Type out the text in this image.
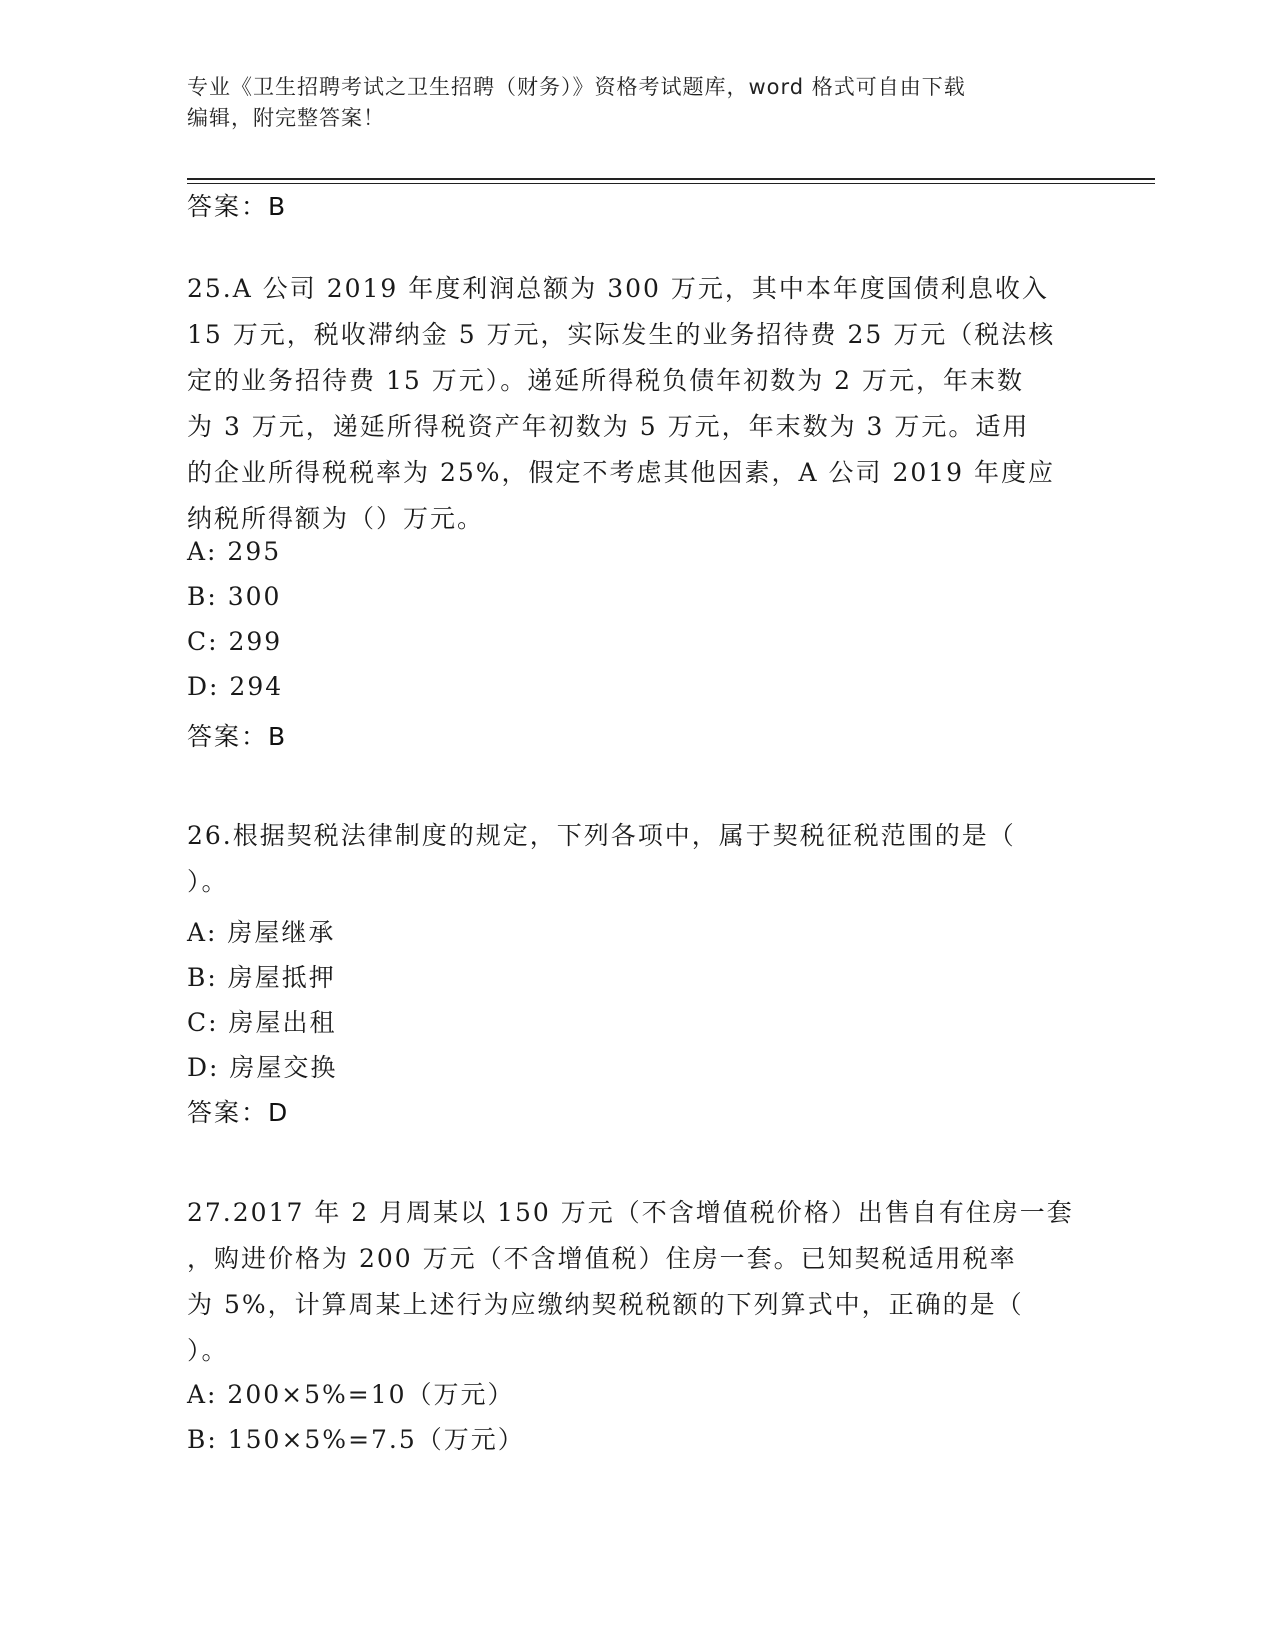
专业《卫生招聘考试之卫生招聘（财务）》资格考试题库，word 格式可自由下载
编辑，附完整答案！
答案：B
25.A 公司 2019 年度利润总额为 300 万元，其中本年度国债利息收入
15 万元，税收滞纳金 5 万元，实际发生的业务招待费 25 万元（税法核
定的业务招待费 15 万元）。递延所得税负债年初数为 2 万元，年末数
为 3 万元，递延所得税资产年初数为 5 万元，年末数为 3 万元。适用
的企业所得税税率为 25%，假定不考虑其他因素，A 公司 2019 年度应
纳税所得额为（）万元。
A: 295
B: 300
C: 299
D: 294
答案：B
26.根据契税法律制度的规定，下列各项中，属于契税征税范围的是（
）。
A: 房屋继承
B: 房屋抵押
C: 房屋出租
D: 房屋交换
答案：D
27.2017 年 2 月周某以 150 万元（不含增值税价格）出售自有住房一套
，购进价格为 200 万元（不含增值税）住房一套。已知契税适用税率
为 5%，计算周某上述行为应缴纳契税税额的下列算式中，正确的是（
）。
A: 200×5%=10（万元）
B: 150×5%=7.5（万元）
